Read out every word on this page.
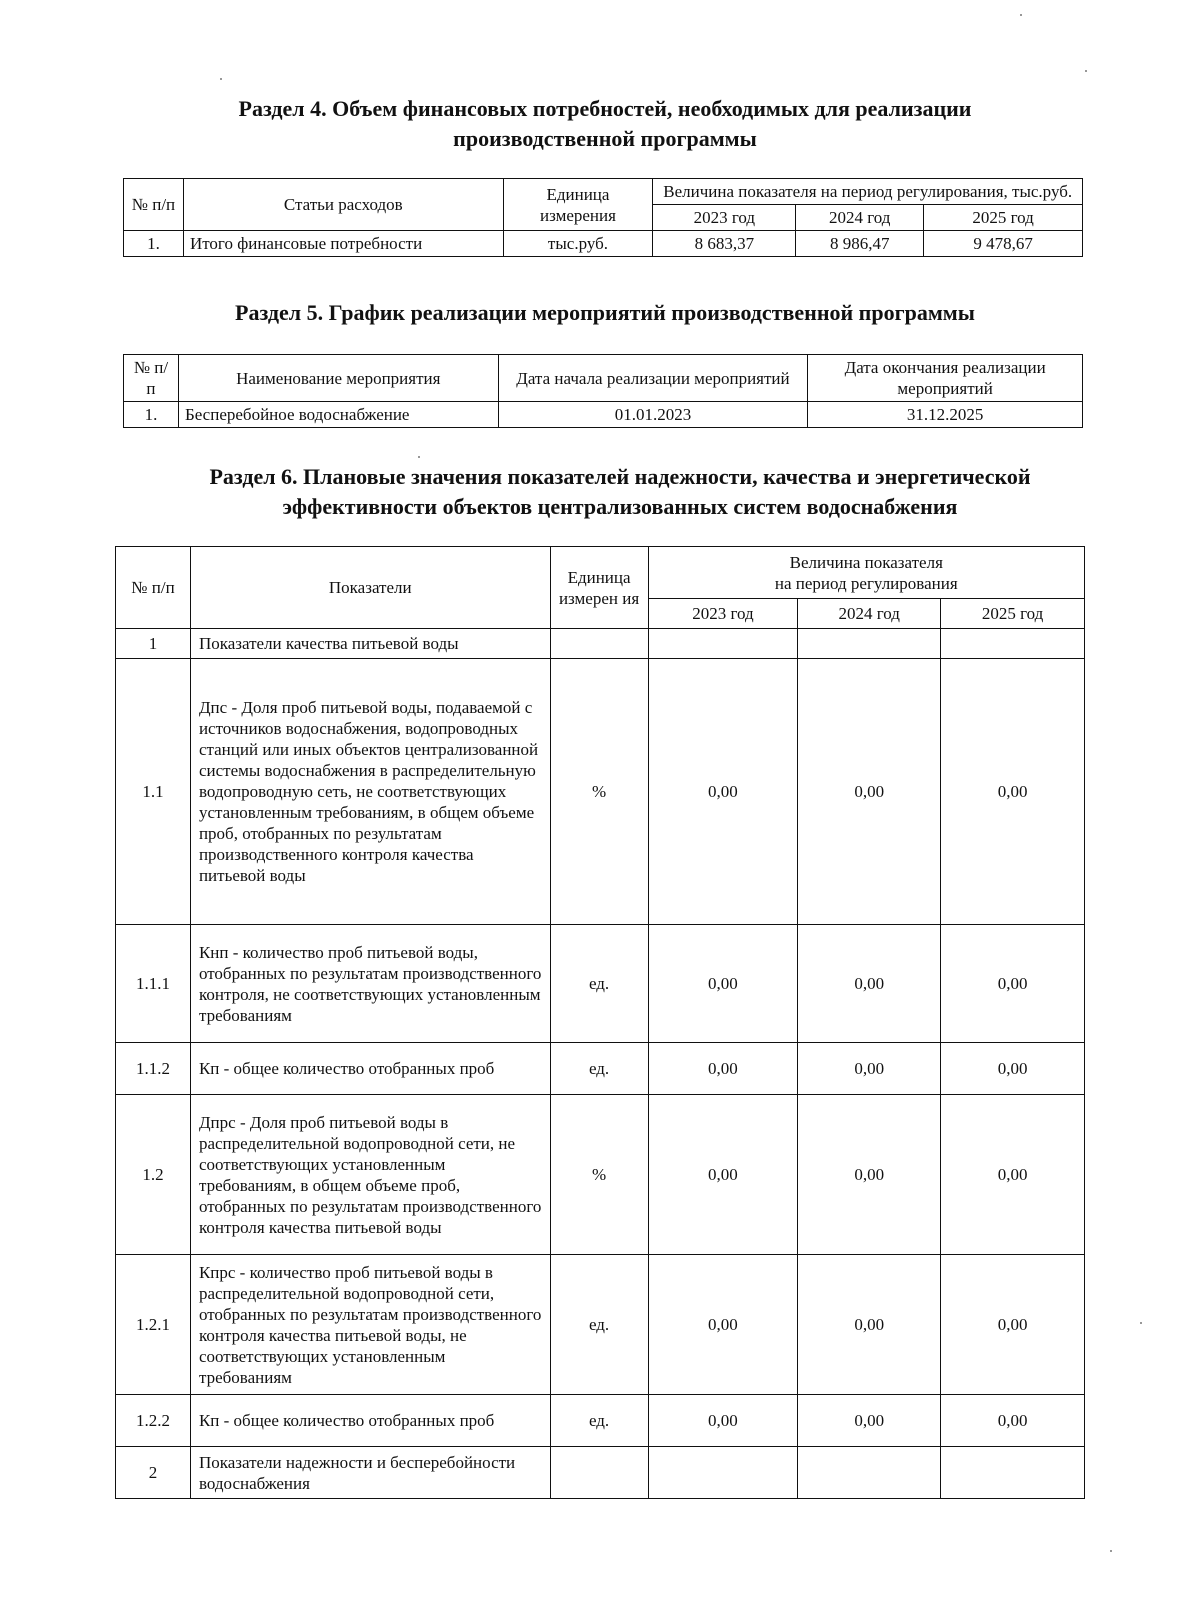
Раздел 4. Объем финансовых потребностей, необходимых для реализации
производственной программы
№ п/п	Статьи расходов	Единица измерения	Величина показателя на период регулирования, тыс.руб.		
			2023 год	2024 год	2025 год
1.	Итого финансовые потребности	тыс.руб.	8 683,37	8 986,47	9 478,67
Раздел 5. График реализации мероприятий производственной программы
№ п/п	Наименование мероприятия	Дата начала реализации мероприятий	Дата окончания реализации мероприятий
1.	Бесперебойное водоснабжение	01.01.2023	31.12.2025
Раздел 6. Плановые значения показателей надежности, качества и энергетической
эффективности объектов централизованных систем водоснабжения
№ п/п	Показатели	Единица измерен ия	Величина показателя
на период регулирования		
			2023 год	2024 год	2025 год
1	Показатели качества питьевой воды				
1.1	Дпс - Доля проб питьевой воды, подаваемой с источников водоснабжения, водопроводных станций или иных объектов централизованной системы водоснабжения в распределительную водопроводную сеть, не соответствующих установленным требованиям, в общем объеме проб, отобранных по результатам производственного контроля качества питьевой воды	%	0,00	0,00	0,00
1.1.1	Кнп - количество проб питьевой воды, отобранных по результатам производственного контроля, не соответствующих установленным требованиям	ед.	0,00	0,00	0,00
1.1.2	Кп - общее количество отобранных проб	ед.	0,00	0,00	0,00
1.2	Дпрс - Доля проб питьевой воды в распределительной водопроводной сети, не соответствующих установленным требованиям, в общем объеме проб, отобранных по результатам производственного контроля качества питьевой воды	%	0,00	0,00	0,00
1.2.1	Кпрс - количество проб питьевой воды в распределительной водопроводной сети, отобранных по результатам производственного контроля качества питьевой воды, не соответствующих установленным требованиям	ед.	0,00	0,00	0,00
1.2.2	Кп - общее количество отобранных проб	ед.	0,00	0,00	0,00
2	Показатели надежности и бесперебойности водоснабжения				
